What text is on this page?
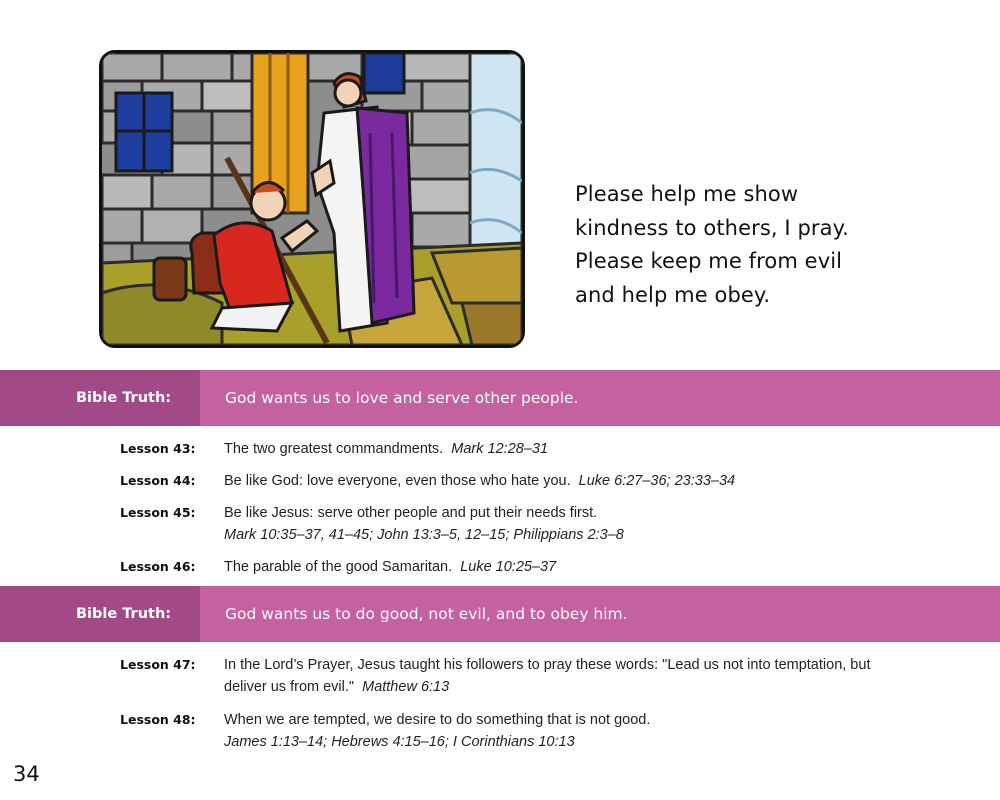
Please help me show
kindness to others, I pray.
Please keep me from evil
and help me obey.
Bible Truth:	God wants us to love and serve other people.
Lesson 43: The two greatest commandments. Mark 12:28–31
Lesson 44: Be like God: love everyone, even those who hate you. Luke 6:27–36; 23:33–34
Lesson 45: Be like Jesus: serve other people and put their needs first.
Mark 10:35–37, 41–45; John 13:3–5, 12–15; Philippians 2:3–8
Lesson 46: The parable of the good Samaritan. Luke 10:25–37
Bible Truth:	God wants us to do good, not evil, and to obey him.
Lesson 47: In the Lord’s Prayer, Jesus taught his followers to pray these words: "Lead us not into temptation, but deliver us from evil." Matthew 6:13
Lesson 48: When we are tempted, we desire to do something that is not good.
James 1:13–14; Hebrews 4:15–16; I Corinthians 10:13
34
